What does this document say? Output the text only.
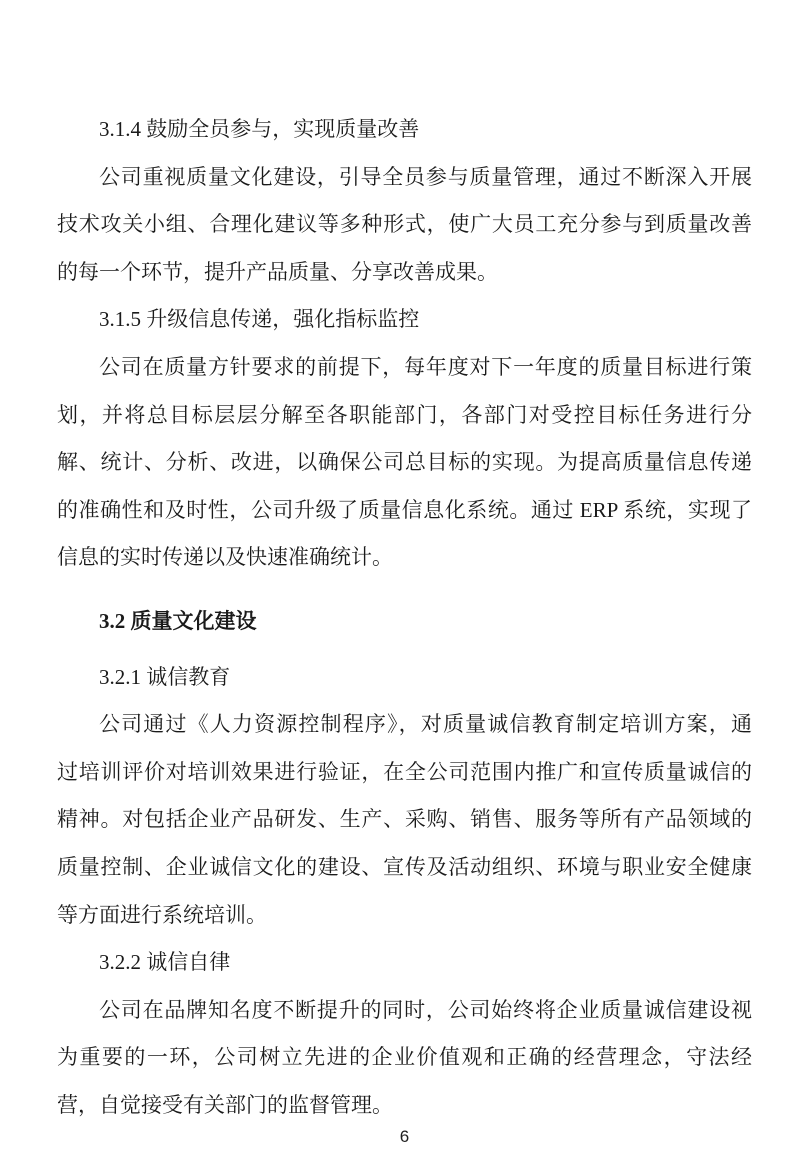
3.1.4 鼓励全员参与，实现质量改善
公司重视质量文化建设，引导全员参与质量管理，通过不断深入开展
技术攻关小组、合理化建议等多种形式，使广大员工充分参与到质量改善
的每一个环节，提升产品质量、分享改善成果。
3.1.5 升级信息传递，强化指标监控
公司在质量方针要求的前提下，每年度对下一年度的质量目标进行策
划，并将总目标层层分解至各职能部门，各部门对受控目标任务进行分
解、统计、分析、改进，以确保公司总目标的实现。为提高质量信息传递
的准确性和及时性，公司升级了质量信息化系统。通过 ERP 系统，实现了
信息的实时传递以及快速准确统计。
3.2 质量文化建设
3.2.1 诚信教育
公司通过《人力资源控制程序》，对质量诚信教育制定培训方案，通
过培训评价对培训效果进行验证，在全公司范围内推广和宣传质量诚信的
精神。对包括企业产品研发、生产、采购、销售、服务等所有产品领域的
质量控制、企业诚信文化的建设、宣传及活动组织、环境与职业安全健康
等方面进行系统培训。
3.2.2 诚信自律
公司在品牌知名度不断提升的同时，公司始终将企业质量诚信建设视
为重要的一环，公司树立先进的企业价值观和正确的经营理念，守法经
营，自觉接受有关部门的监督管理。
6
